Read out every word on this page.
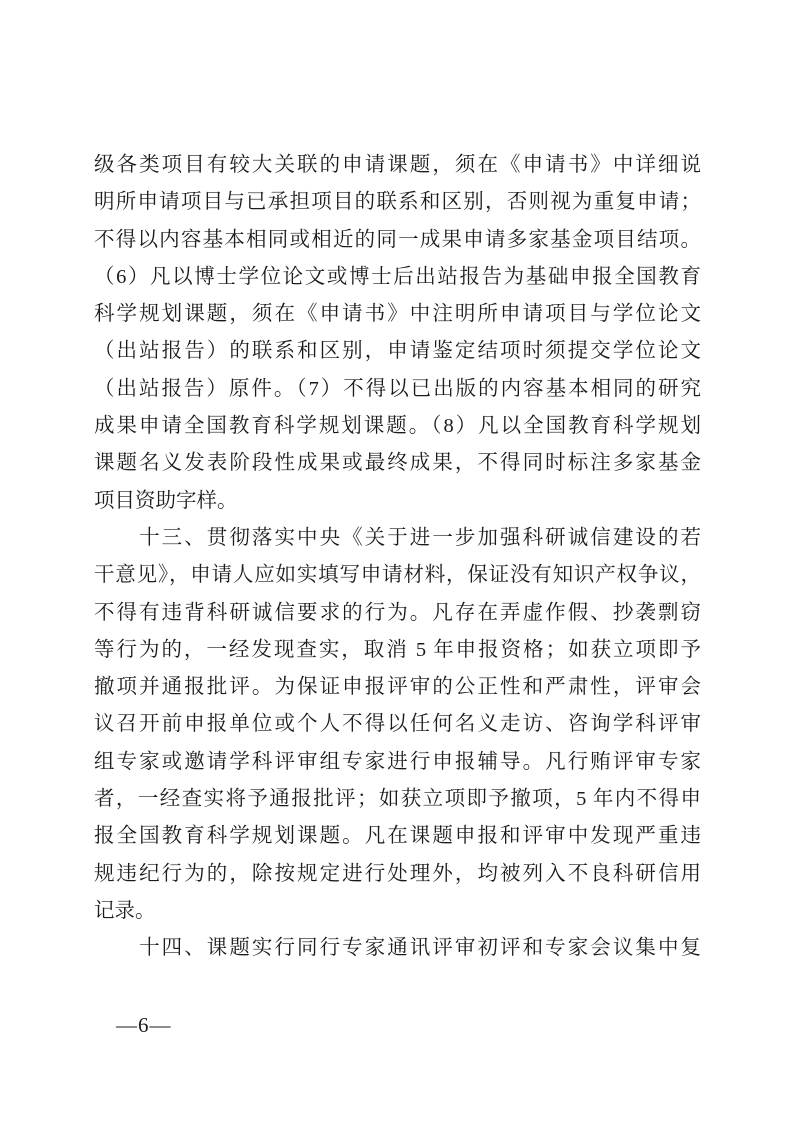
级各类项目有较大关联的申请课题，须在《申请书》中详细说
明所申请项目与已承担项目的联系和区别，否则视为重复申请；
不得以内容基本相同或相近的同一成果申请多家基金项目结项。
（6）凡以博士学位论文或博士后出站报告为基础申报全国教育
科学规划课题，须在《申请书》中注明所申请项目与学位论文
（出站报告）的联系和区别，申请鉴定结项时须提交学位论文
（出站报告）原件。（7）不得以已出版的内容基本相同的研究
成果申请全国教育科学规划课题。（8）凡以全国教育科学规划
课题名义发表阶段性成果或最终成果，不得同时标注多家基金
项目资助字样。
　　十三、贯彻落实中央《关于进一步加强科研诚信建设的若
干意见》，申请人应如实填写申请材料，保证没有知识产权争议，
不得有违背科研诚信要求的行为。凡存在弄虚作假、抄袭剽窃
等行为的，一经发现查实，取消 5 年申报资格；如获立项即予
撤项并通报批评。为保证申报评审的公正性和严肃性，评审会
议召开前申报单位或个人不得以任何名义走访、咨询学科评审
组专家或邀请学科评审组专家进行申报辅导。凡行贿评审专家
者，一经查实将予通报批评；如获立项即予撤项，5 年内不得申
报全国教育科学规划课题。凡在课题申报和评审中发现严重违
规违纪行为的，除按规定进行处理外，均被列入不良科研信用
记录。
　　十四、课题实行同行专家通讯评审初评和专家会议集中复
—6—
